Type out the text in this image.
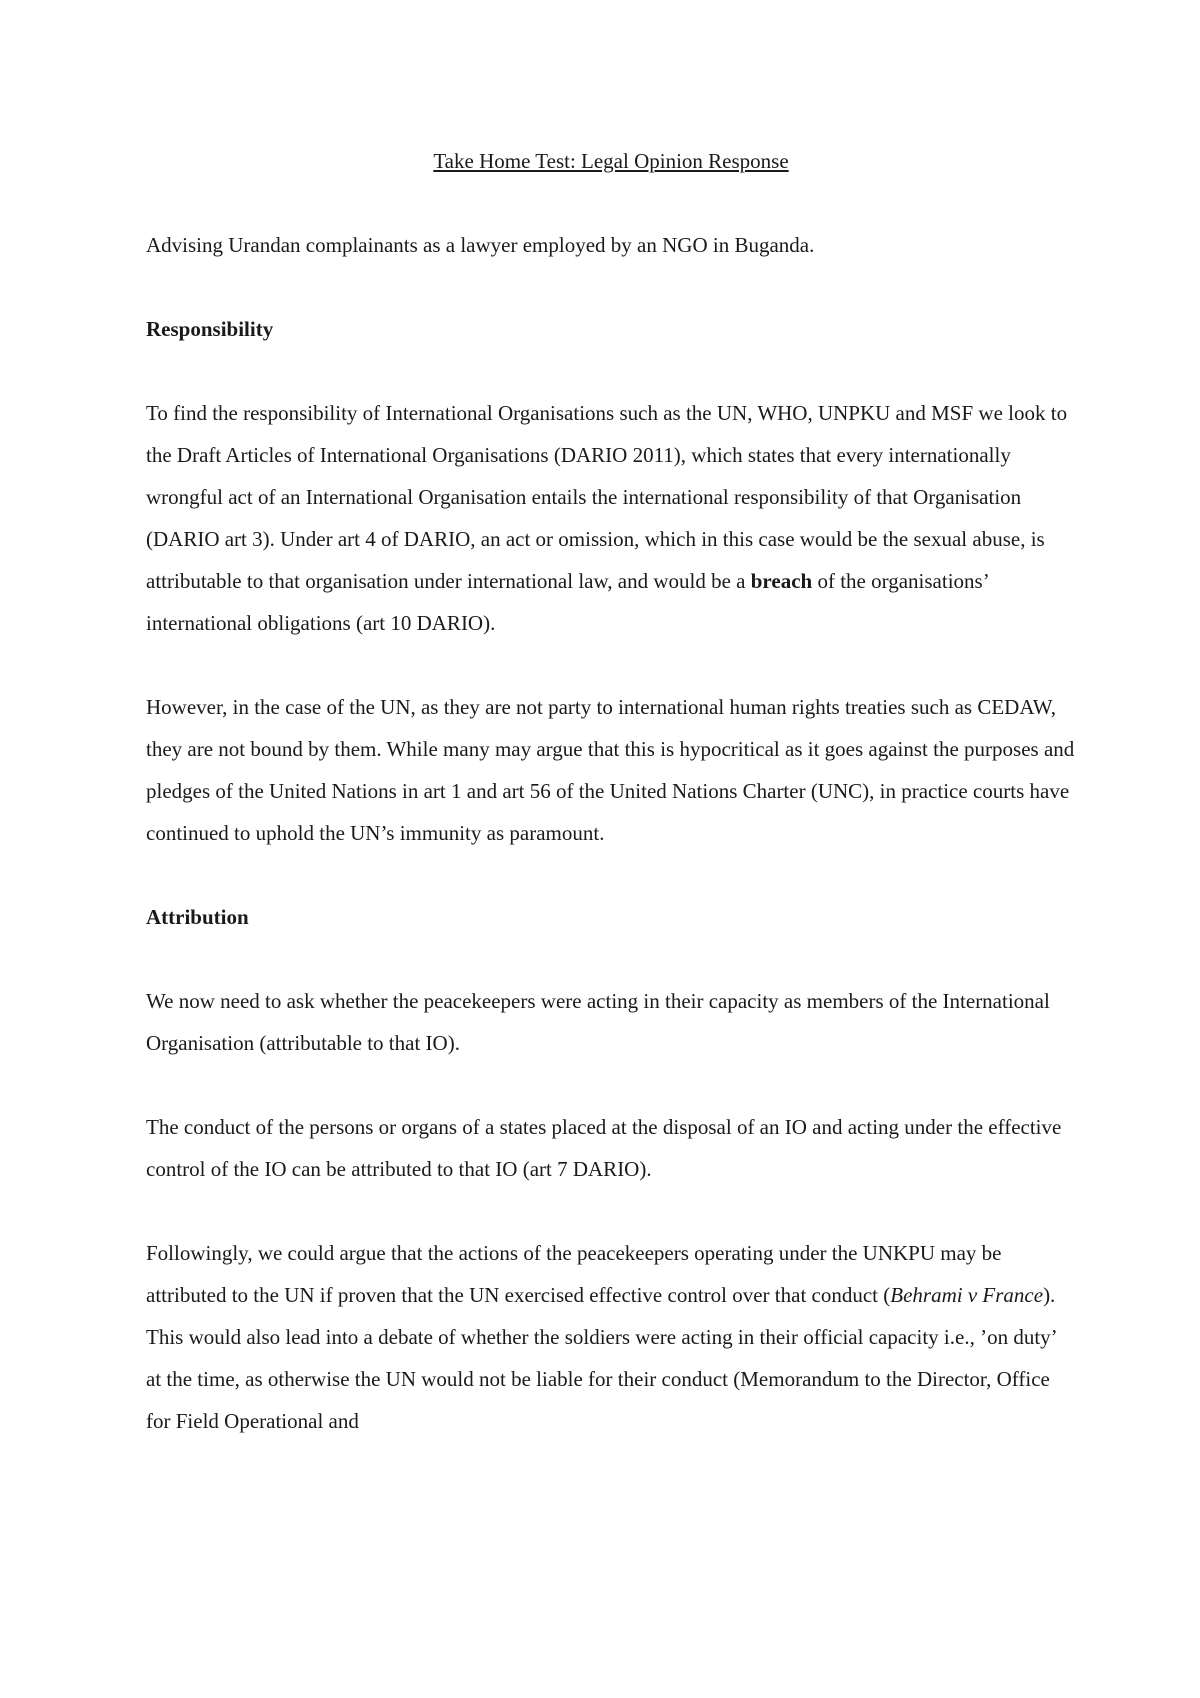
Take Home Test: Legal Opinion Response

Advising Urandan complainants as a lawyer employed by an NGO in Buganda.

Responsibility

To find the responsibility of International Organisations such as the UN, WHO, UNPKU and MSF we look to the Draft Articles of International Organisations (DARIO 2011), which states that every internationally wrongful act of an International Organisation entails the international responsibility of that Organisation (DARIO art 3). Under art 4 of DARIO, an act or omission, which in this case would be the sexual abuse, is attributable to that organisation under international law, and would be a breach of the organisations’ international obligations (art 10 DARIO).

However, in the case of the UN, as they are not party to international human rights treaties such as CEDAW, they are not bound by them. While many may argue that this is hypocritical as it goes against the purposes and pledges of the United Nations in art 1 and art 56 of the United Nations Charter (UNC), in practice courts have continued to uphold the UN’s immunity as paramount.

Attribution

We now need to ask whether the peacekeepers were acting in their capacity as members of the International Organisation (attributable to that IO).

The conduct of the persons or organs of a states placed at the disposal of an IO and acting under the effective control of the IO can be attributed to that IO (art 7 DARIO).

Followingly, we could argue that the actions of the peacekeepers operating under the UNKPU may be attributed to the UN if proven that the UN exercised effective control over that conduct (Behrami v France). This would also lead into a debate of whether the soldiers were acting in their official capacity i.e., ’on duty’ at the time, as otherwise the UN would not be liable for their conduct (Memorandum to the Director, Office for Field Operational and
